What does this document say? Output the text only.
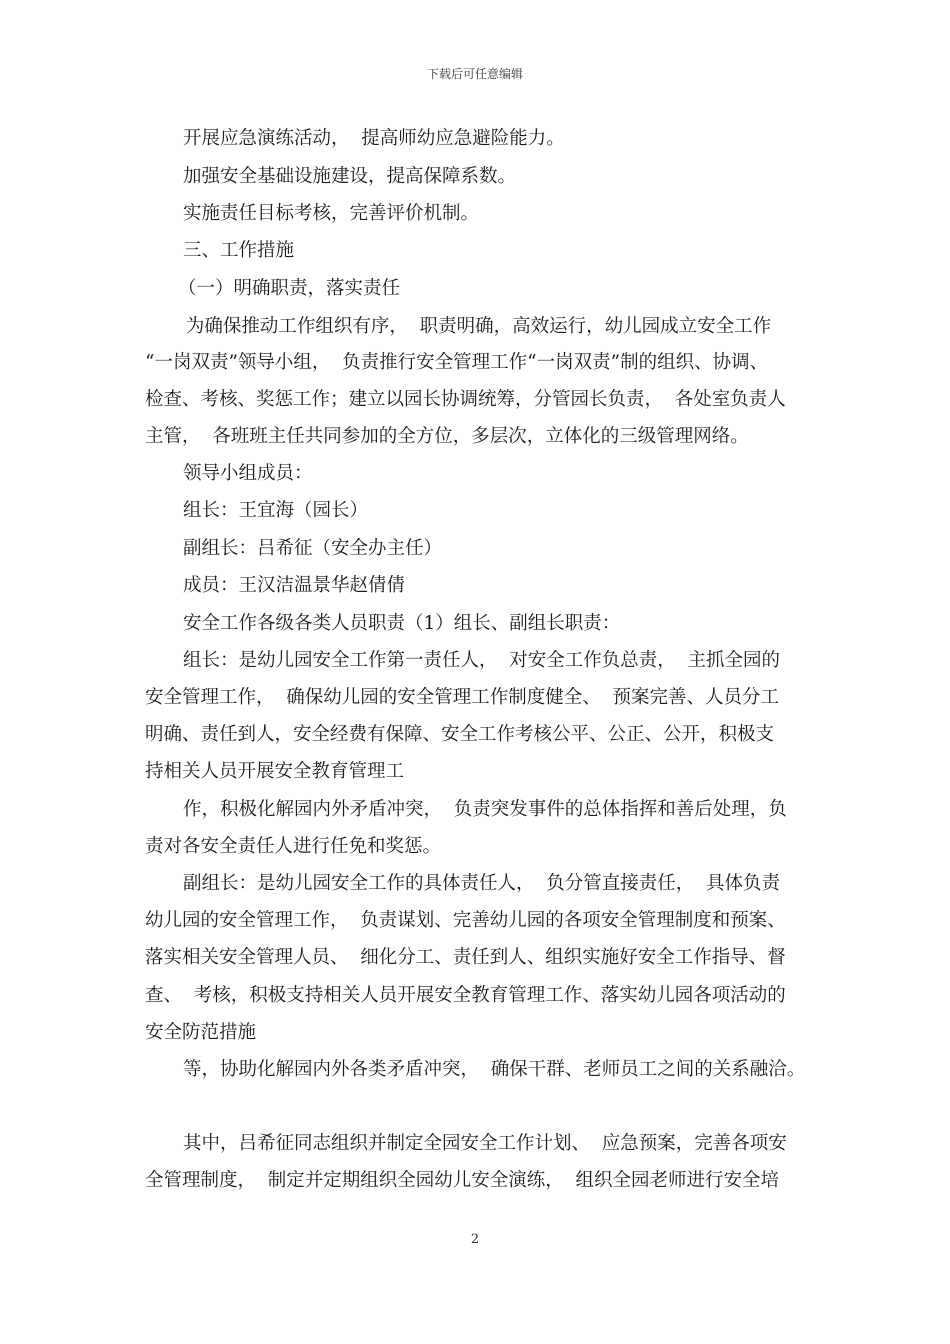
下载后可任意编辑

开展应急演练活动，  提高师幼应急避险能力。

加强安全基础设施建设，提高保障系数。

实施责任目标考核，完善评价机制。

三、工作措施

（一）明确职责，落实责任

为确保推动工作组织有序，  职责明确，高效运行，幼儿园成立安全工作

“一岗双责”领导小组，  负责推行安全管理工作“一岗双责”制的组织、协调、

检查、考核、奖惩工作；建立以园长协调统筹，分管园长负责，  各处室负责人

主管，  各班班主任共同参加的全方位，多层次，立体化的三级管理网络。

领导小组成员：

组长：王宜海（园长）

副组长：吕希征（安全办主任）

成员：王汉洁温景华赵倩倩

安全工作各级各类人员职责（1）组长、副组长职责：

组长：是幼儿园安全工作第一责任人，  对安全工作负总责，  主抓全园的

安全管理工作，  确保幼儿园的安全管理工作制度健全、  预案完善、人员分工

明确、责任到人，安全经费有保障、安全工作考核公平、公正、公开，积极支

持相关人员开展安全教育管理工

作，积极化解园内外矛盾冲突，  负责突发事件的总体指挥和善后处理，负

责对各安全责任人进行任免和奖惩。

副组长：是幼儿园安全工作的具体责任人，  负分管直接责任，  具体负责

幼儿园的安全管理工作，  负责谋划、完善幼儿园的各项安全管理制度和预案、

落实相关安全管理人员、  细化分工、责任到人、组织实施好安全工作指导、督

查、  考核，积极支持相关人员开展安全教育管理工作、落实幼儿园各项活动的

安全防范措施

等，协助化解园内外各类矛盾冲突，  确保干群、老师员工之间的关系融洽。

其中，吕希征同志组织并制定全园安全工作计划、  应急预案，完善各项安

全管理制度，  制定并定期组织全园幼儿安全演练，  组织全园老师进行安全培

2
